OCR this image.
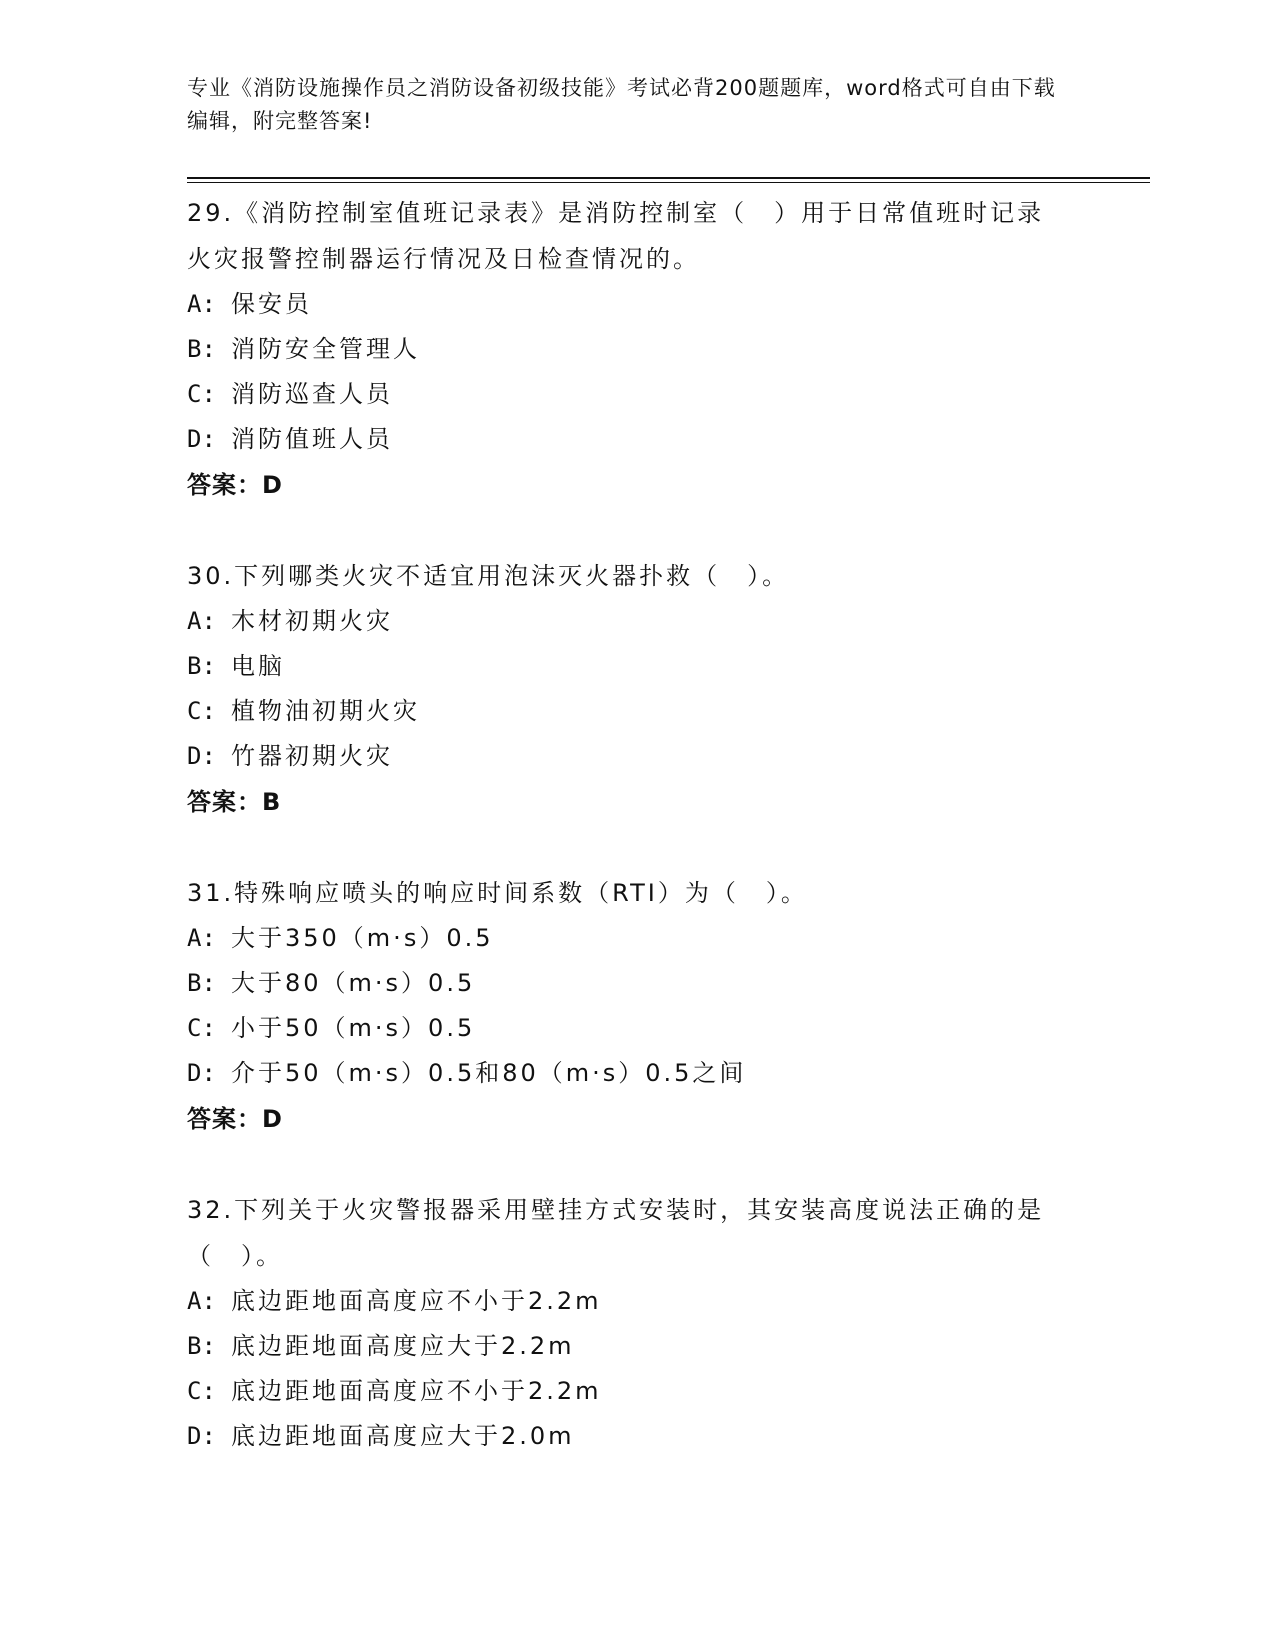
专业《消防设施操作员之消防设备初级技能》考试必背200题题库，word格式可自由下载编辑，附完整答案!
29.《消防控制室值班记录表》是消防控制室（　）用于日常值班时记录火灾报警控制器运行情况及日检查情况的。
A: 保安员
B: 消防安全管理人
C: 消防巡查人员
D: 消防值班人员
答案：D
30.下列哪类火灾不适宜用泡沫灭火器扑救（　）。
A: 木材初期火灾
B: 电脑
C: 植物油初期火灾
D: 竹器初期火灾
答案：B
31.特殊响应喷头的响应时间系数（RTI）为（　）。
A: 大于350（m·s）0.5
B: 大于80（m·s）0.5
C: 小于50（m·s）0.5
D: 介于50（m·s）0.5和80（m·s）0.5之间
答案：D
32.下列关于火灾警报器采用壁挂方式安装时，其安装高度说法正确的是（　）。
A: 底边距地面高度应不小于2.2m
B: 底边距地面高度应大于2.2m
C: 底边距地面高度应不小于2.2m
D: 底边距地面高度应大于2.0m
